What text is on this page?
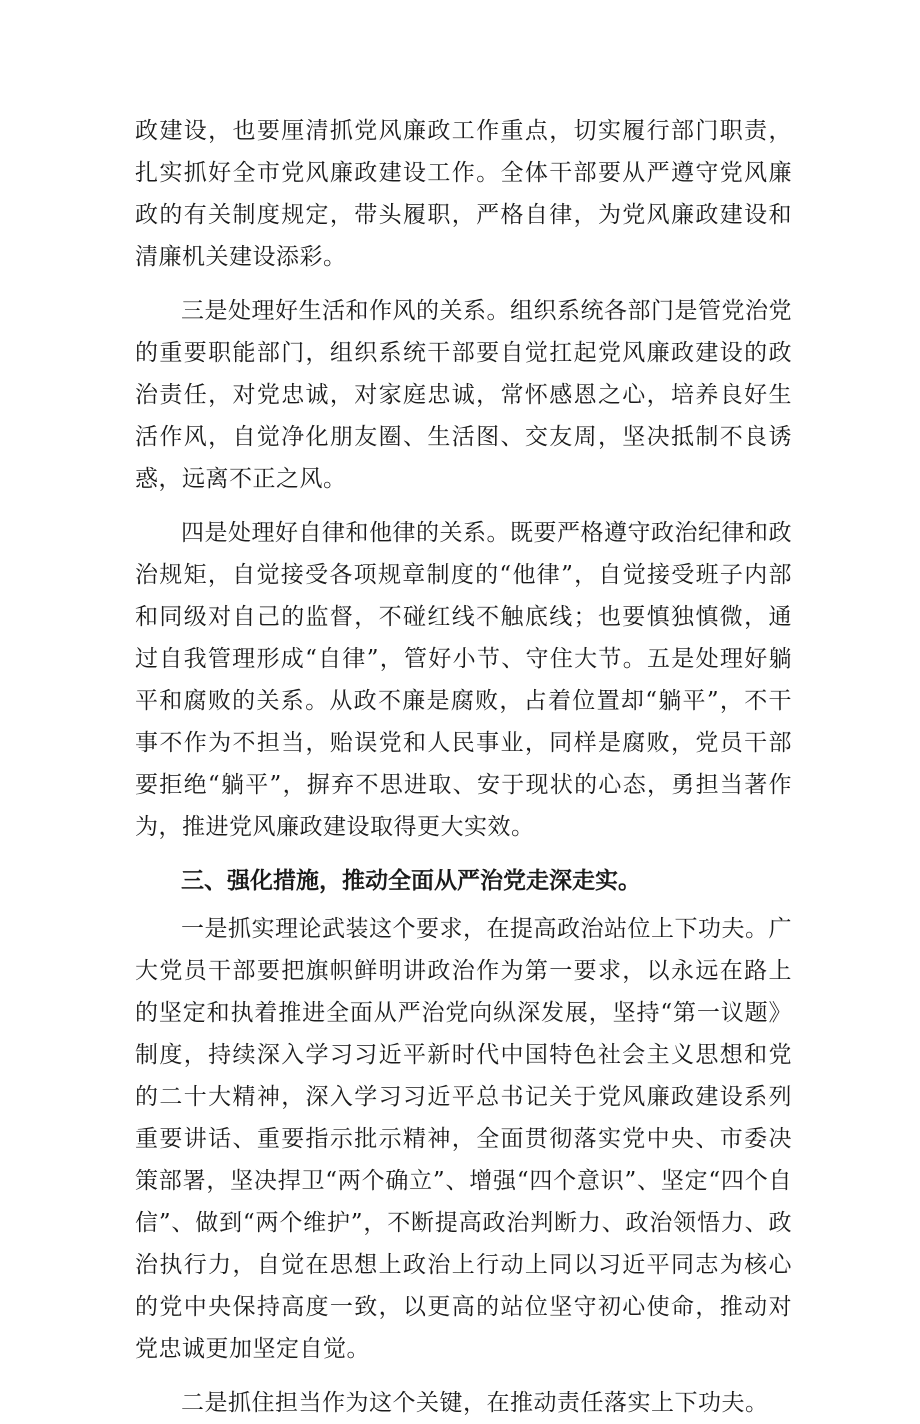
政建设，也要厘清抓党风廉政工作重点，切实履行部门职责，扎实抓好全市党风廉政建设工作。全体干部要从严遵守党风廉政的有关制度规定，带头履职，严格自律，为党风廉政建设和清廉机关建设添彩。

三是处理好生活和作风的关系。组织系统各部门是管党治党的重要职能部门，组织系统干部要自觉扛起党风廉政建设的政治责任，对党忠诚，对家庭忠诚，常怀感恩之心，培养良好生活作风，自觉净化朋友圈、生活图、交友周，坚决抵制不良诱惑，远离不正之风。

四是处理好自律和他律的关系。既要严格遵守政治纪律和政治规矩，自觉接受各项规章制度的“他律”，自觉接受班子内部和同级对自己的监督，不碰红线不触底线；也要慎独慎微，通过自我管理形成“自律”，管好小节、守住大节。五是处理好躺平和腐败的关系。从政不廉是腐败，占着位置却“躺平”，不干事不作为不担当，贻误党和人民事业，同样是腐败，党员干部要拒绝“躺平”，摒弃不思进取、安于现状的心态，勇担当著作为，推进党风廉政建设取得更大实效。

三、强化措施，推动全面从严治党走深走实。

一是抓实理论武装这个要求，在提高政治站位上下功夫。广大党员干部要把旗帜鲜明讲政治作为第一要求，以永远在路上的坚定和执着推进全面从严治党向纵深发展，坚持“第一议题》制度，持续深入学习习近平新时代中国特色社会主义思想和党的二十大精神，深入学习习近平总书记关于党风廉政建设系列重要讲话、重要指示批示精神，全面贯彻落实党中央、市委决策部署，坚决捍卫“两个确立”、增强“四个意识”、坚定“四个自信”、做到“两个维护”，不断提高政治判断力、政治领悟力、政治执行力，自觉在思想上政治上行动上同以习近平同志为核心的党中央保持高度一致，以更高的站位坚守初心使命，推动对党忠诚更加坚定自觉。

二是抓住担当作为这个关键，在推动责任落实上下功夫。
